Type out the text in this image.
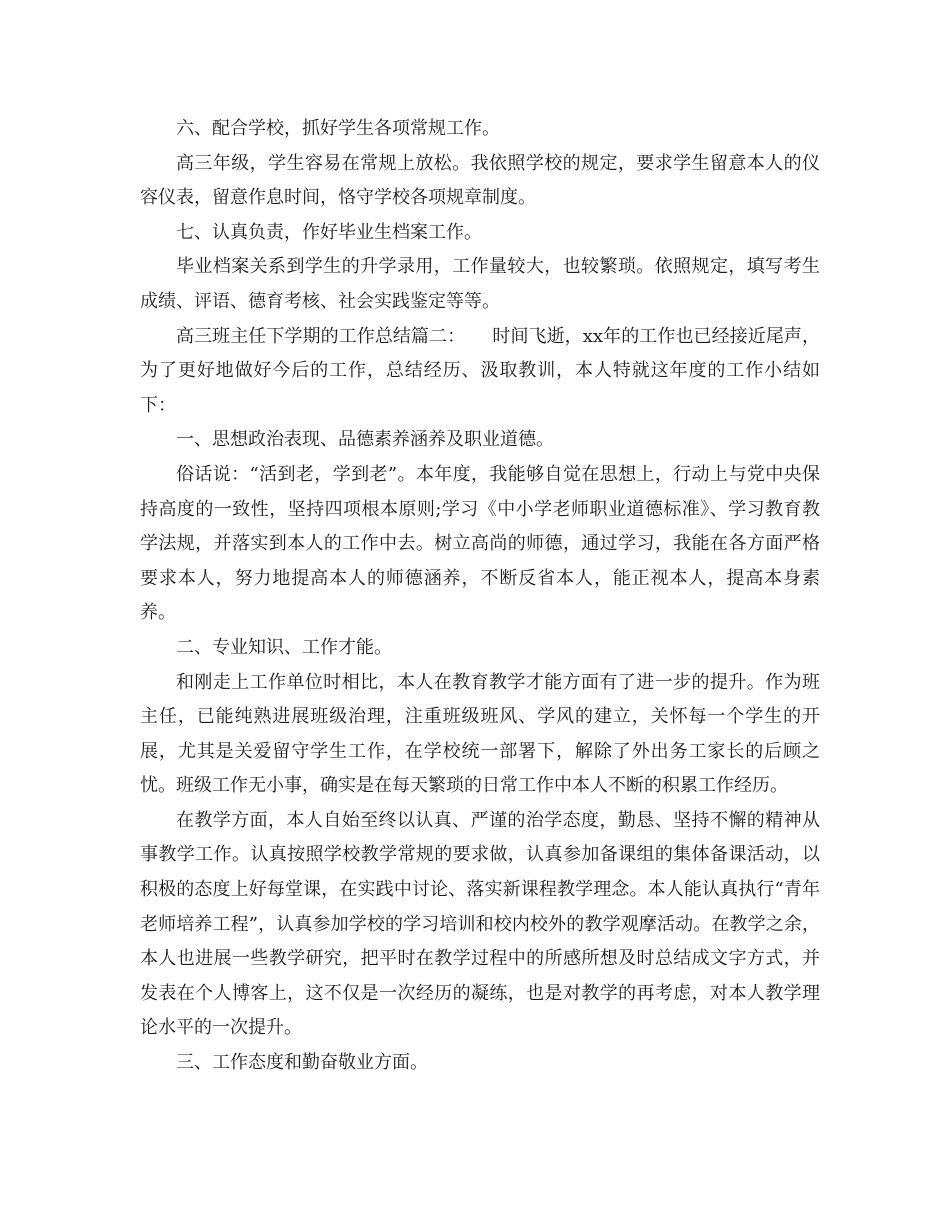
六、配合学校，抓好学生各项常规工作。

高三年级，学生容易在常规上放松。我依照学校的规定，要求学生留意本人的仪容仪表，留意作息时间，恪守学校各项规章制度。

七、认真负责，作好毕业生档案工作。

毕业档案关系到学生的升学录用，工作量较大，也较繁琐。依照规定，填写考生成绩、评语、德育考核、社会实践鉴定等等。

高三班主任下学期的工作总结篇二：　　时间飞逝，xx年的工作也已经接近尾声，为了更好地做好今后的工作，总结经历、汲取教训，本人特就这年度的工作小结如下：

一、思想政治表现、品德素养涵养及职业道德。

俗话说：“活到老，学到老”。本年度，我能够自觉在思想上，行动上与党中央保持高度的一致性，坚持四项根本原则;学习《中小学老师职业道德标准》、学习教育教学法规，并落实到本人的工作中去。树立高尚的师德，通过学习，我能在各方面严格要求本人，努力地提高本人的师德涵养，不断反省本人，能正视本人，提高本身素养。

二、专业知识、工作才能。

和刚走上工作单位时相比，本人在教育教学才能方面有了进一步的提升。作为班主任，已能纯熟进展班级治理，注重班级班风、学风的建立，关怀每一个学生的开展，尤其是关爱留守学生工作，在学校统一部署下，解除了外出务工家长的后顾之忧。班级工作无小事，确实是在每天繁琐的日常工作中本人不断的积累工作经历。

在教学方面，本人自始至终以认真、严谨的治学态度，勤恳、坚持不懈的精神从事教学工作。认真按照学校教学常规的要求做，认真参加备课组的集体备课活动，以积极的态度上好每堂课，在实践中讨论、落实新课程教学理念。本人能认真执行“青年老师培养工程”，认真参加学校的学习培训和校内校外的教学观摩活动。在教学之余，本人也进展一些教学研究，把平时在教学过程中的所感所想及时总结成文字方式，并发表在个人博客上，这不仅是一次经历的凝练，也是对教学的再考虑，对本人教学理论水平的一次提升。

三、工作态度和勤奋敬业方面。
